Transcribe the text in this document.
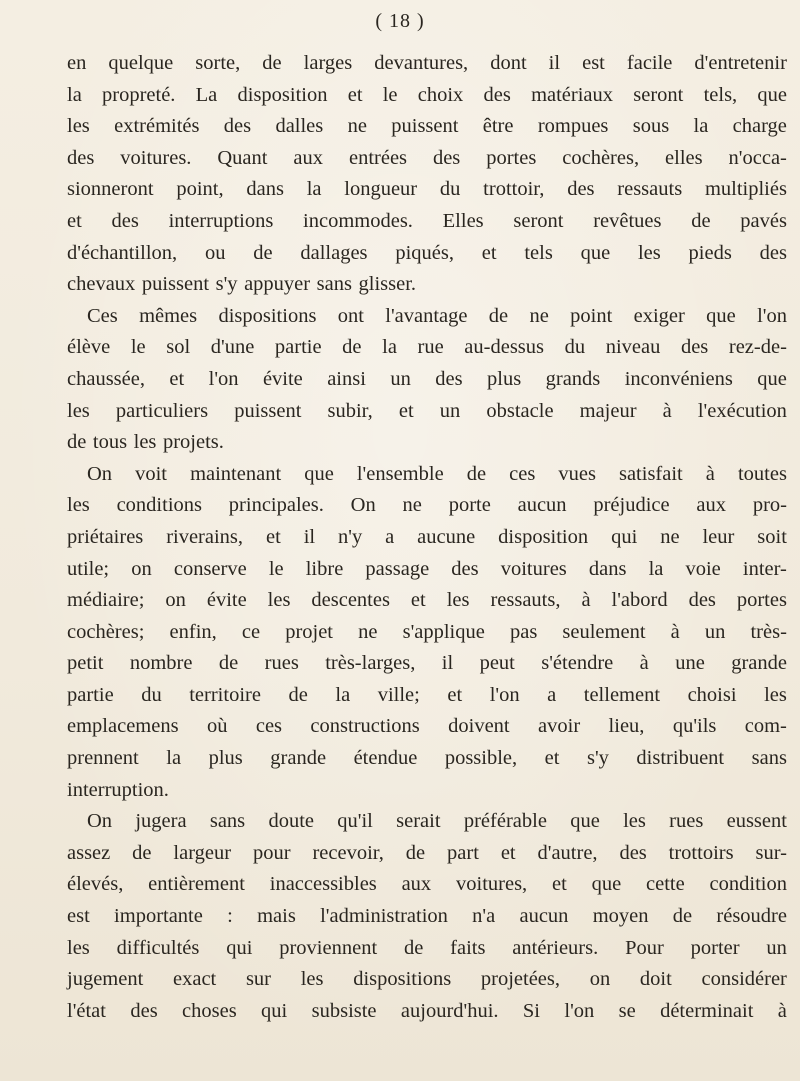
( 18 )
en quelque sorte, de larges devantures, dont il est facile d'entretenir
la propreté. La disposition et le choix des matériaux seront tels, que
les extrémités des dalles ne puissent être rompues sous la charge
des voitures. Quant aux entrées des portes cochères, elles n'occa-
sionneront point, dans la longueur du trottoir, des ressauts multipliés
et des interruptions incommodes. Elles seront revêtues de pavés
d'échantillon, ou de dallages piqués, et tels que les pieds des
chevaux puissent s'y appuyer sans glisser.
Ces mêmes dispositions ont l'avantage de ne point exiger que l'on
élève le sol d'une partie de la rue au-dessus du niveau des rez-de-
chaussée, et l'on évite ainsi un des plus grands inconvéniens que
les particuliers puissent subir, et un obstacle majeur à l'exécution
de tous les projets.
On voit maintenant que l'ensemble de ces vues satisfait à toutes
les conditions principales. On ne porte aucun préjudice aux pro-
priétaires riverains, et il n'y a aucune disposition qui ne leur soit
utile; on conserve le libre passage des voitures dans la voie inter-
médiaire; on évite les descentes et les ressauts, à l'abord des portes
cochères; enfin, ce projet ne s'applique pas seulement à un très-
petit nombre de rues très-larges, il peut s'étendre à une grande
partie du territoire de la ville; et l'on a tellement choisi les
emplacemens où ces constructions doivent avoir lieu, qu'ils com-
prennent la plus grande étendue possible, et s'y distribuent sans
interruption.
On jugera sans doute qu'il serait préférable que les rues eussent
assez de largeur pour recevoir, de part et d'autre, des trottoirs sur-
élevés, entièrement inaccessibles aux voitures, et que cette condition
est importante : mais l'administration n'a aucun moyen de résoudre
les difficultés qui proviennent de faits antérieurs. Pour porter un
jugement exact sur les dispositions projetées, on doit considérer
l'état des choses qui subsiste aujourd'hui. Si l'on se déterminait à
